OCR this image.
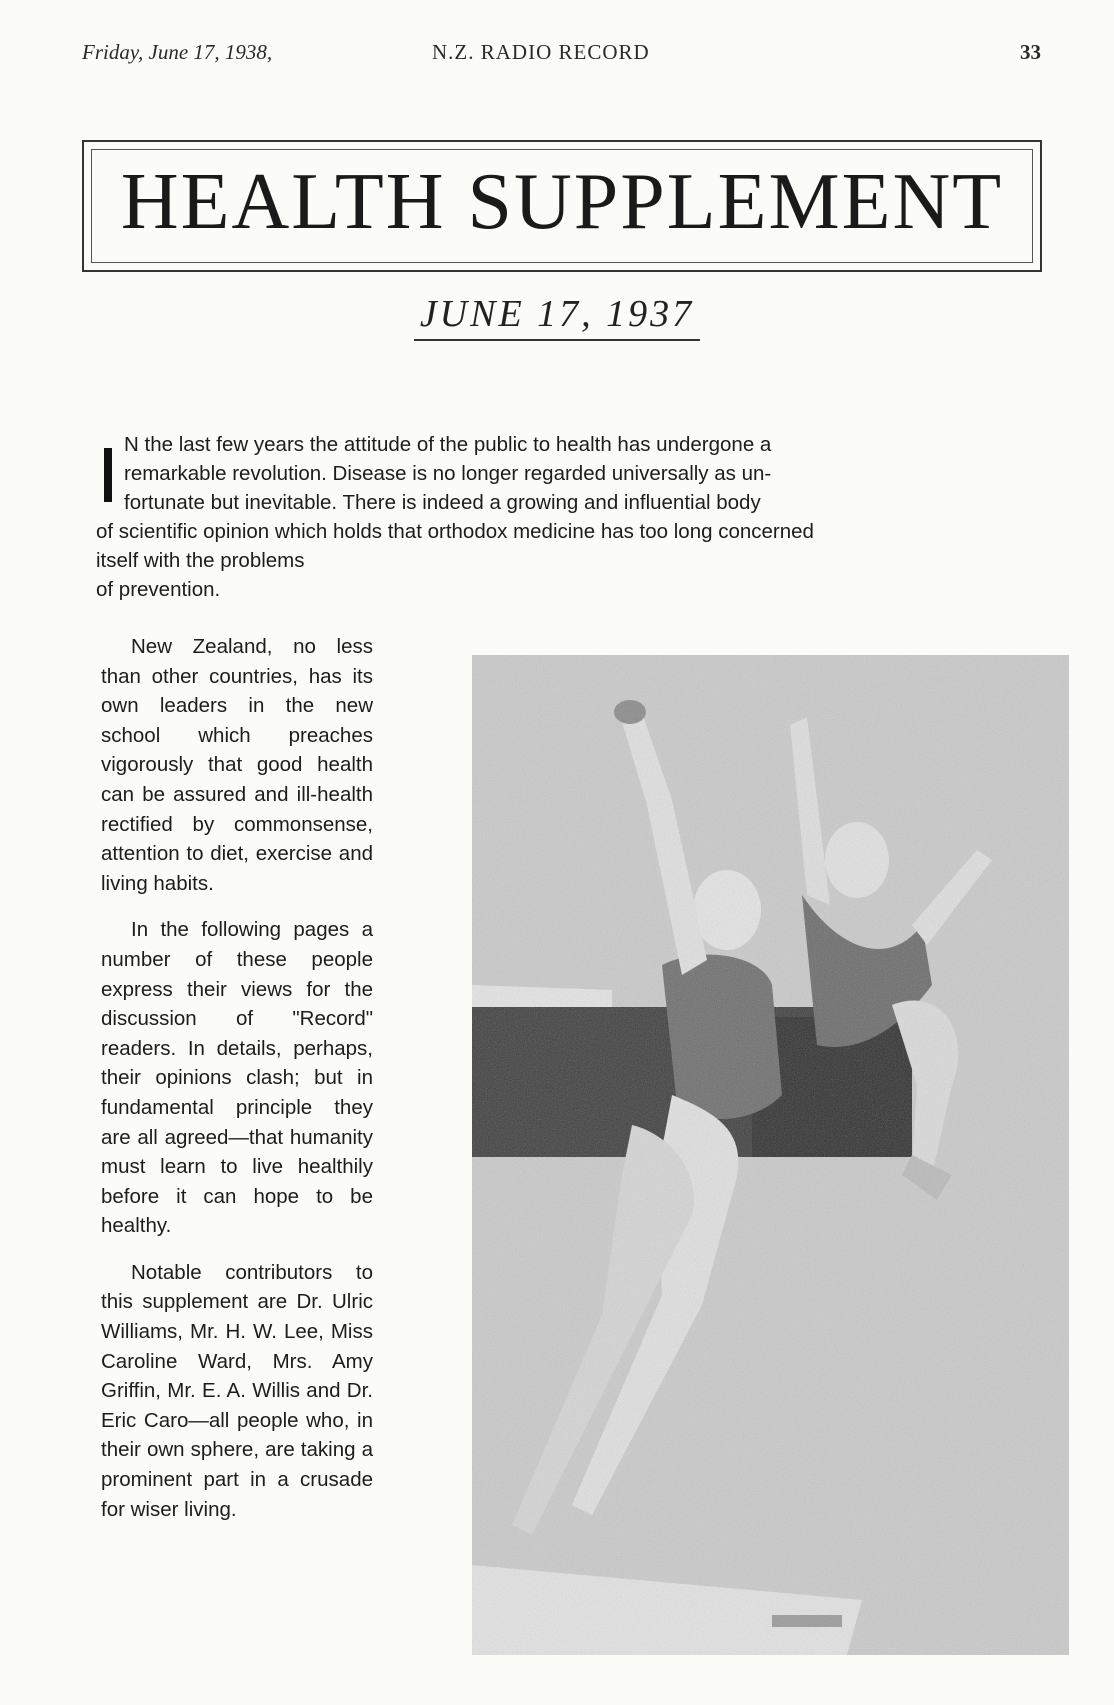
Friday, June 17, 1938,	N.Z. RADIO RECORD	33
HEALTH SUPPLEMENT
JUNE 17, 1937

N the last few years the attitude of the public to health has undergone a

remarkable revolution. Disease is no longer regarded universally as un-

fortunate but inevitable. There is indeed a growing and influential body

of scientific opinion which holds that orthodox medicine has too long concerned

itself with the problems

of prevention.

New Zealand, no less than other countries, has its own leaders in the new school which preaches vigorously that good health can be assured and ill-health rectified by commonsense, attention to diet, exercise and living habits.

In the following pages a number of these people express their views for the discussion of "Record" readers. In details, perhaps, their opinions clash; but in fundamental principle they are all agreed—that humanity must learn to live healthily before it can hope to be healthy.

Notable contributors to this supplement are Dr. Ulric Williams, Mr. H. W. Lee, Miss Caroline Ward, Mrs. Amy Griffin, Mr. E. A. Willis and Dr. Eric Caro—all people who, in their own sphere, are taking a prominent part in a crusade for wiser living.
